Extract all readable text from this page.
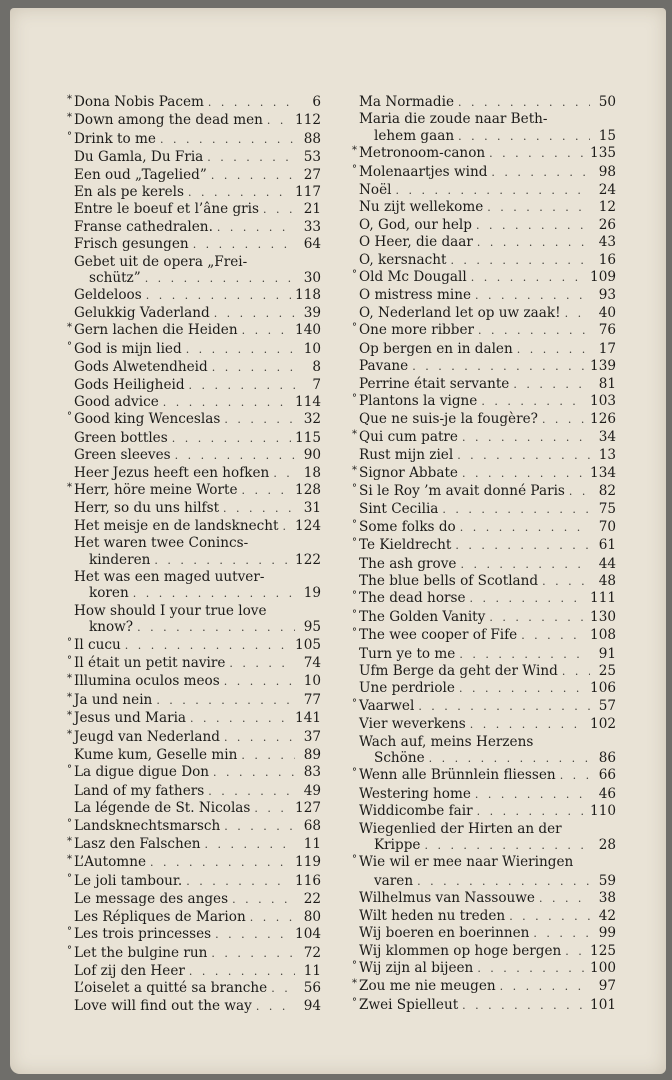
* Dona Nobis Pacem . . .	6
* Down among the dead men . . . 112
° Drink to me . . .	88
Du Gamla, Du Fria . . .	53
Een oud „Tagelied” . . .	27
En als pe kerels . . .	117
Entre le boeuf et l’âne gris . . .	21
Franse cathedralen. . . .	33
Frisch gesungen . . .	64
Gebet uit de opera „Frei-
schütz” . . .	30
Geldeloos . . .	118
Gelukkig Vaderland . . .	39
* Gern lachen die Heiden . . .	140
° God is mijn lied . . .	10
Gods Alwetendheid . . .	8
Gods Heiligheid . . .	7
Good advice . . .	114
° Good king Wenceslas . . .	32
Green bottles . . .	115
Green sleeves . . .	90
Heer Jezus heeft een hofken . . .	18
* Herr, höre meine Worte . . .	128
Herr, so du uns hilfst . . .	31
Het meisje en de landsknecht . . . 124
Het waren twee Conincs-
kinderen . . .	122
Het was een maged uutver-
koren . . .	19
How should I your true love
know? . . .	95
° Il cucu . . .	105
° Il était un petit navire . . .	74
* Illumina oculos meos . . .	10
* Ja und nein . . .	77
* Jesus und Maria . . .	141
* Jeugd van Nederland . . .	37
Kume kum, Geselle min . . .	89
° La digue digue Don . . .	83
Land of my fathers . . .	49
La légende de St. Nicolas . . .	127
° Landsknechtsmarsch . . .	68
* Lasz den Falschen . . .	11
* L’Automne . . .	119
° Le joli tambour. . . .	116
Le message des anges . . .	22
Les Répliques de Marion . . .	80
° Les trois princesses . . .	104
° Let the bulgine run . . .	72
Lof zij den Heer . . .	11
L’oiselet a quitté sa branche . . .	56
Love will find out the way . . .	94
Ma Normadie . . .	50
Maria die zoude naar Beth-
lehem gaan . . .	15
* Metronoom-canon . . .	135
° Molenaartjes wind . . .	98
Noël . . .	24
Nu zijt wellekome . . .	12
O, God, our help . . .	26
O Heer, die daar . . .	43
O, kersnacht . . .	16
° Old Mc Dougall . . .	109
O mistress mine . . .	93
O, Nederland let op uw zaak! . . .	40
° One more ribber . . .	76
Op bergen en in dalen . . .	17
Pavane . . .	139
Perrine était servante . . .	81
° Plantons la vigne . . .	103
Que ne suis-je la fougère? . . .	126
* Qui cum patre . . .	34
Rust mijn ziel . . .	13
* Signor Abbate . . .	134
° Si le Roy ’m avait donné Paris . . .	82
Sint Cecilia . . .	75
° Some folks do . . .	70
° Te Kieldrecht . . .	61
The ash grove . . .	44
The blue bells of Scotland . . .	48
° The dead horse . . .	111
° The Golden Vanity . . .	130
° The wee cooper of Fife . . .	108
Turn ye to me . . .	91
Ufm Berge da geht der Wind . . .	25
Une perdriole . . .	106
° Vaarwel . . .	57
Vier weverkens . . .	102
Wach auf, meins Herzens
Schöne . . .	86
° Wenn alle Brünnlein fliessen . . .	66
Westering home . . .	46
Widdicombe fair . . .	110
Wiegenlied der Hirten an der
Krippe . . .	28
° Wie wil er mee naar Wieringen
varen . . .	59
Wilhelmus van Nassouwe . . .	38
Wilt heden nu treden . . .	42
Wij boeren en boerinnen . . .	99
Wij klommen op hoge bergen . . . 125
° Wij zijn al bijeen . . .	100
* Zou me nie meugen . . .	97
° Zwei Spielleut . . .	101
